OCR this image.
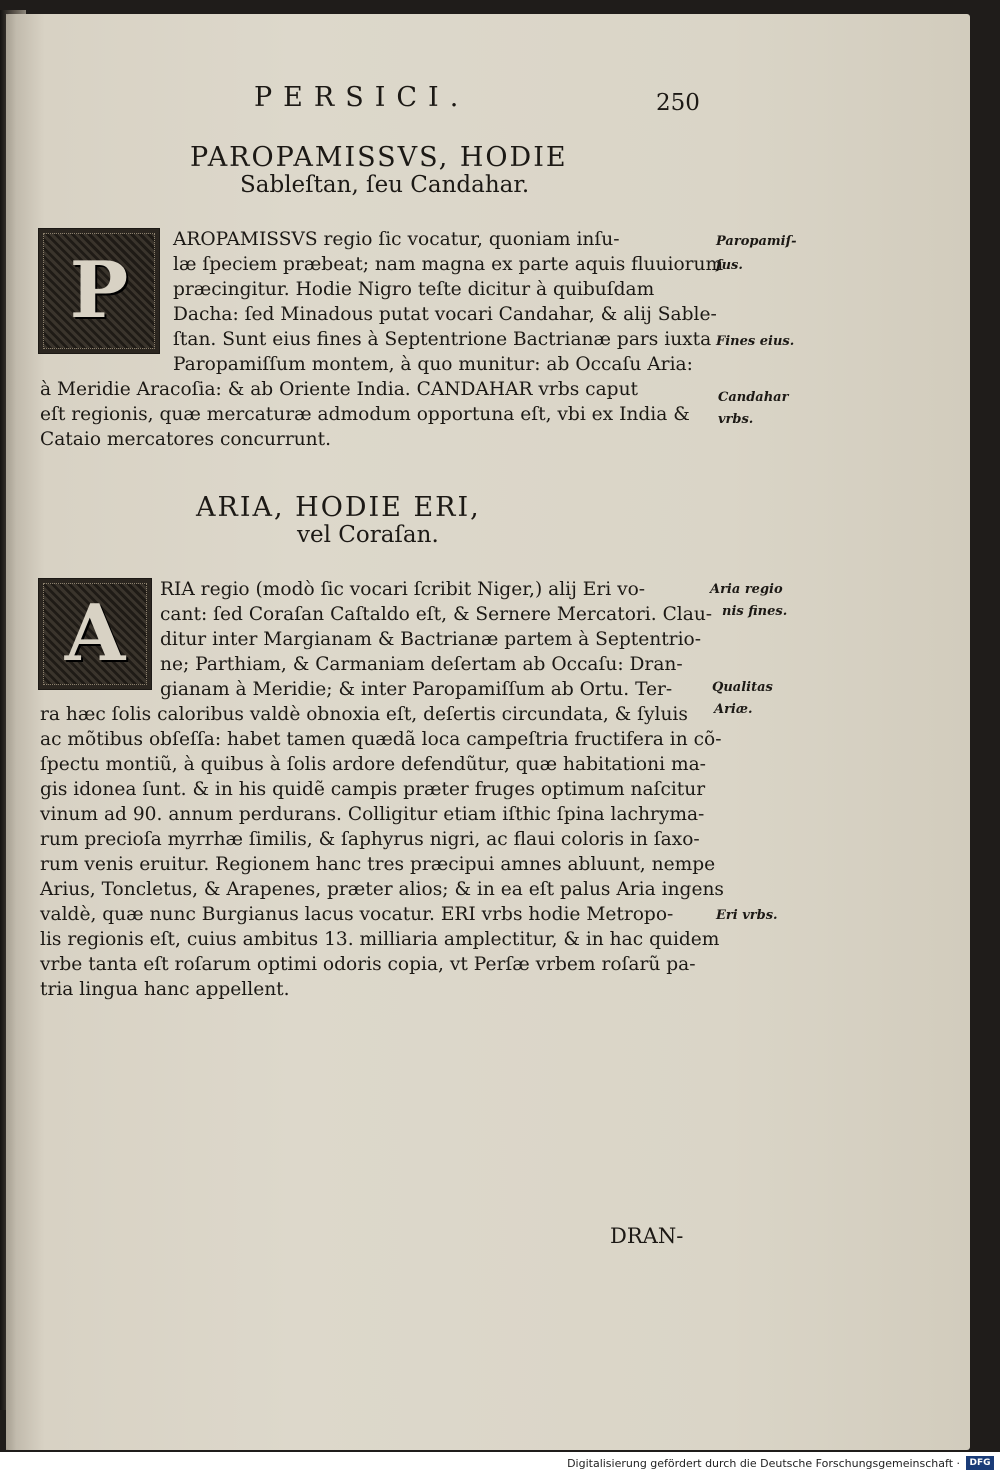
PERSICI.	250
PAROPAMISSVS, HODIE
Sableſtan, ſeu Candahar.
P
AROPAMISSVS regio ſic vocatur, quoniam inſu-
læ ſpeciem præbeat; nam magna ex parte aquis fluuiorum
præcingitur. Hodie Nigro teſte dicitur à quibuſdam
Dacha: ſed Minadous putat vocari Candahar, & alij Sable-
ſtan. Sunt eius fines à Septentrione Bactrianæ pars iuxta
Paropamiſſum montem, à quo munitur: ab Occaſu Aria:
à Meridie Aracoſia: & ab Oriente India. CANDAHAR vrbs caput
eſt regionis, quæ mercaturæ admodum opportuna eſt, vbi ex India &
Cataio mercatores concurrunt.
Paropamiſ-
ſus.
Fines eius.
Candahar
vrbs.
ARIA, HODIE ERI,
vel Coraſan.
A RIA regio (modò ſic vocari ſcribit Niger,) alij Eri vo-
cant: ſed Coraſan Caſtaldo eſt, & Sernere Mercatori. Clau-
ditur inter Margianam & Bactrianæ partem à Septentrio-
ne; Parthiam, & Carmaniam deſertam ab Occaſu: Dran-
gianam à Meridie; & inter Paropamiſſum ab Ortu. Ter-
ra hæc ſolis caloribus valdè obnoxia eſt, deſertis circundata, & ſyluis
ac mõtibus obſeſſa: habet tamen quædã loca campeſtria fructifera in cõ-
ſpectu montiũ, à quibus à ſolis ardore defendũtur, quæ habitationi ma-
gis idonea ſunt. & in his quidẽ campis præter fruges optimum naſcitur
vinum ad 90. annum perdurans. Colligitur etiam iſthic ſpina lachryma-
rum precioſa myrrhæ ſimilis, & ſaphyrus nigri, ac flaui coloris in ſaxo-
rum venis eruitur. Regionem hanc tres præcipui amnes abluunt, nempe
Arius, Toncletus, & Arapenes, præter alios; & in ea eſt palus Aria ingens
valdè, quæ nunc Burgianus lacus vocatur. ERI vrbs hodie Metropo-
lis regionis eſt, cuius ambitus 13. milliaria amplectitur, & in hac quidem
vrbe tanta eſt roſarum optimi odoris copia, vt Perſæ vrbem roſarũ pa-
tria lingua hanc appellent.
Aria regio
nis fines.
Qualitas
Ariæ.
Eri vrbs.
DRAN-
Digitalisierung gefördert durch die Deutsche Forschungsgemeinschaft ·	DFG
